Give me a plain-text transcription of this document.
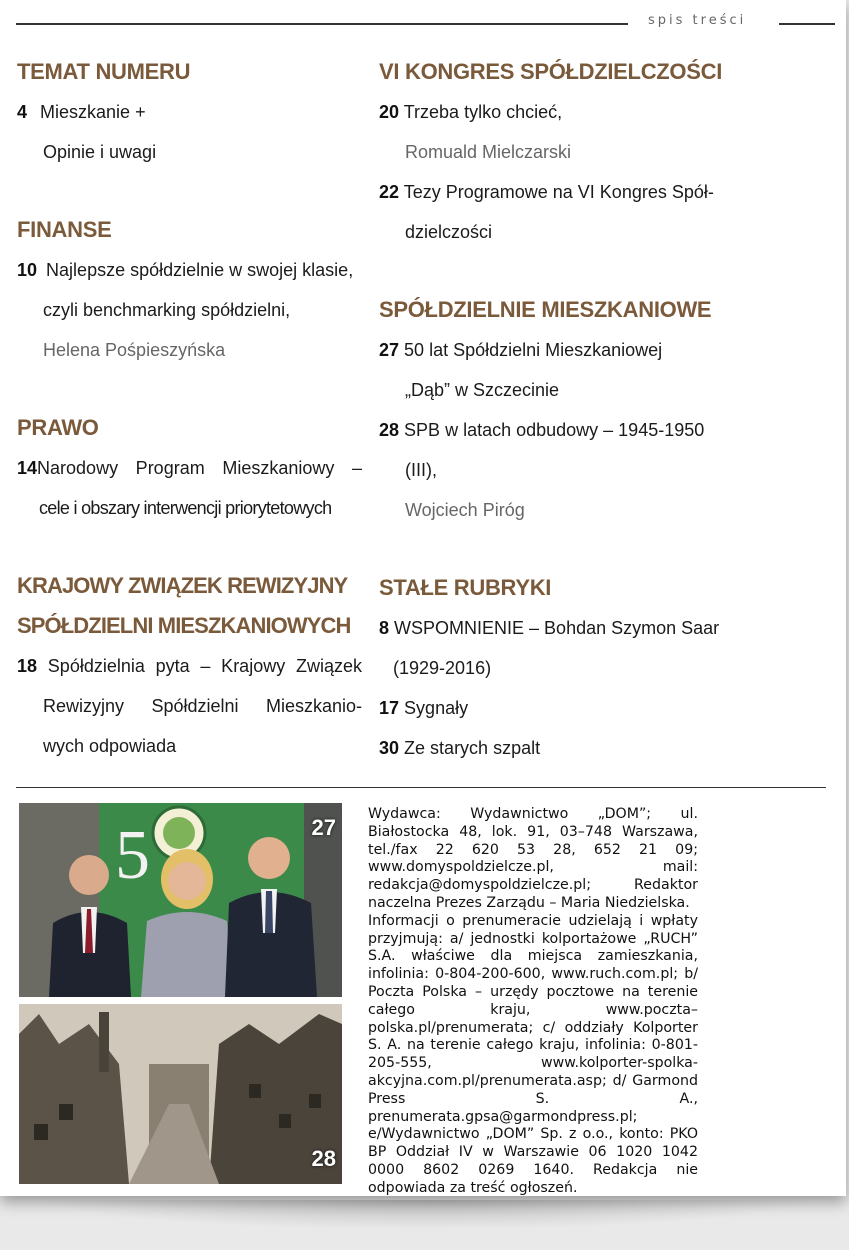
spis treści
TEMAT NUMERU
4 Mieszkanie +
Opinie i uwagi
FINANSE
10 Najlepsze spółdzielnie w swojej klasie,
czyli benchmarking spółdzielni,
Helena Pośpieszyńska
PRAWO
14Narodowy Program Mieszkaniowy –
cele i obszary interwencji priorytetowych
KRAJOWY ZWIĄZEK REWIZYJNY
SPÓŁDZIELNI MIESZKANIOWYCH
18 Spółdzielnia pyta – Krajowy Związek
Rewizyjny Spółdzielni Mieszkanio-
wych odpowiada
VI KONGRES SPÓŁDZIELCZOŚCI
20 Trzeba tylko chcieć,
Romuald Mielczarski
22 Tezy Programowe na VI Kongres Spół-
dzielczości
SPÓŁDZIELNIE MIESZKANIOWE
27 50 lat Spółdzielni Mieszkaniowej
„Dąb” w Szczecinie
28 SPB w latach odbudowy – 1945-1950
(III),
Wojciech Piróg
STAŁE RUBRYKI
8 WSPOMNIENIE – Bohdan Szymon Saar
(1929-2016)
17 Sygnały
30 Ze starych szpalt
5	27
28

Wydawca: Wydawnictwo „DOM”; ul. Białostocka 48, lok. 91, 03–748 Warszawa, tel./fax 22 620 53 28, 652 21 09; www.domyspoldzielcze.pl, mail: redakcja@domyspoldzielcze.pl; Redaktor naczelna Prezes Zarządu – Maria Niedzielska.

Informacji o prenumeracie udzielają i wpłaty przyjmują: a/ jednostki kolportażowe „RUCH” S.A. właściwe dla miejsca zamieszkania, infolinia: 0-804-200-600, www.ruch.com.pl; b/ Poczta Polska – urzędy pocztowe na terenie całego kraju, www.poczta–polska.pl/prenumerata; c/ oddziały Kolporter S. A. na terenie całego kraju, infolinia: 0-801-205-555, www.kolporter-spolka-akcyjna.com.pl/prenumerata.asp; d/ Garmond Press S. A., prenumerata.gpsa@garmondpress.pl; e/Wydawnictwo „DOM” Sp. z o.o., konto: PKO BP Oddział IV w Warszawie 06 1020 1042 0000 8602 0269 1640. Redakcja nie odpowiada za treść ogłoszeń.
